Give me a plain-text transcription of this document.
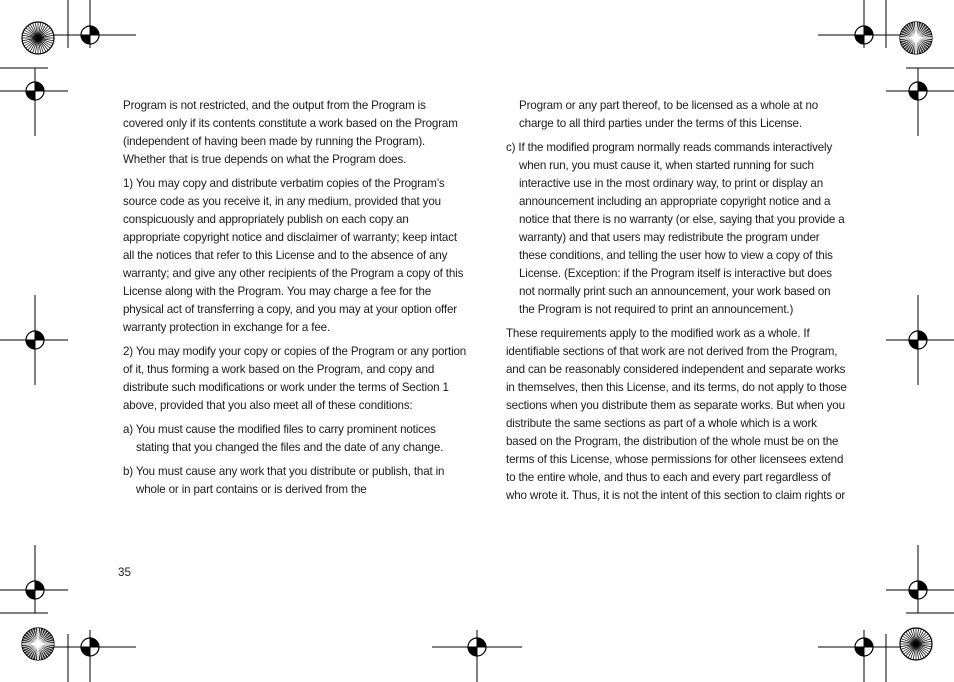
Program is not restricted, and the output from the Program is covered only if its contents constitute a work based on the Program (independent of having been made by running the Program). Whether that is true depends on what the Program does.

1) You may copy and distribute verbatim copies of the Program’s source code as you receive it, in any medium, provided that you conspicuously and appropriately publish on each copy an appropriate copyright notice and disclaimer of warranty; keep intact all the notices that refer to this License and to the absence of any warranty; and give any other recipients of the Program a copy of this License along with the Program. You may charge a fee for the physical act of transferring a copy, and you may at your option offer warranty protection in exchange for a fee.

2) You may modify your copy or copies of the Program or any portion of it, thus forming a work based on the Program, and copy and distribute such modifications or work under the terms of Section 1 above, provided that you also meet all of these conditions:

a) You must cause the modified files to carry prominent notices stating that you changed the files and the date of any change.

b) You must cause any work that you distribute or publish, that in whole or in part contains or is derived from the

Program or any part thereof, to be licensed as a whole at no charge to all third parties under the terms of this License.

c) If the modified program normally reads commands interactively when run, you must cause it, when started running for such interactive use in the most ordinary way, to print or display an announcement including an appropriate copyright notice and a notice that there is no warranty (or else, saying that you provide a warranty) and that users may redistribute the program under these conditions, and telling the user how to view a copy of this License. (Exception: if the Program itself is interactive but does not normally print such an announcement, your work based on the Program is not required to print an announcement.)

These requirements apply to the modified work as a whole. If identifiable sections of that work are not derived from the Program, and can be reasonably considered independent and separate works in themselves, then this License, and its terms, do not apply to those sections when you distribute them as separate works. But when you distribute the same sections as part of a whole which is a work based on the Program, the distribution of the whole must be on the terms of this License, whose permissions for other licensees extend to the entire whole, and thus to each and every part regardless of who wrote it. Thus, it is not the intent of this section to claim rights or

35
